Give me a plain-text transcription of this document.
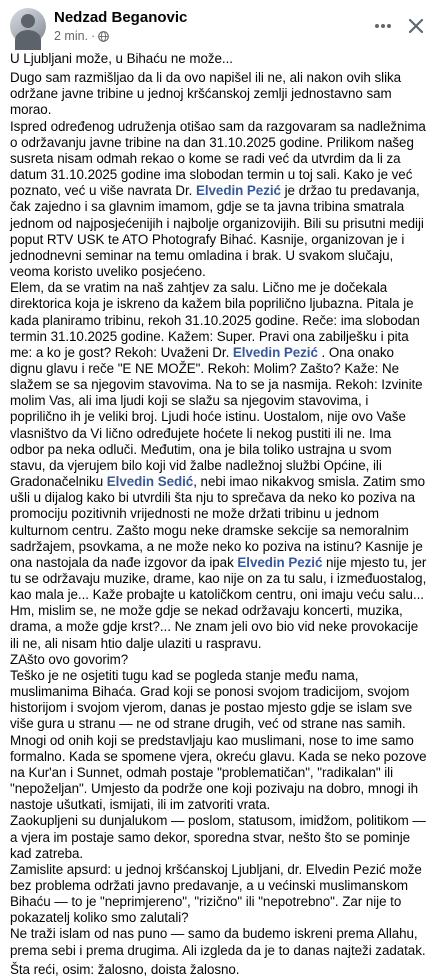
Nedzad Beganovic
2 min. ·

U Ljubljani može, u Bihaću ne može...

Dugo sam razmišljao da li da ovo napišel ili ne, ali nakon ovih slika održane javne tribine u jednoj kršćanskoj zemlji jednostavno sam morao.

Ispred određenog udruženja otišao sam da razgovaram sa nadležnima o održavanju javne tribine na dan 31.10.2025 godine. Prilikom našeg susreta nisam odmah rekao o kome se radi već da utvrdim da li za datum 31.10.2025 godine ima slobodan termin u toj sali. Kako je već poznato, već u više navrata Dr. Elvedin Pezić je držao tu predavanja, čak zajedno i sa glavnim imamom, gdje se ta javna tribina smatrala jednom od najposjećenijih i najbolje organizovijih. Bili su prisutni mediji poput RTV USK te ATO Photografy Bihać. Kasnije, organizovan je i jednodnevni seminar na temu omladina i brak. U svakom slučaju, veoma koristo uveliko posjećeno.

Elem, da se vratim na naš zahtjev za salu. Lično me je dočekala direktorica koja je iskreno da kažem bila poprilično ljubazna. Pitala je kada planiramo tribinu, rekoh 31.10.2025 godine. Reče: ima slobodan termin 31.10.2025 godine. Kažem: Super. Pravi ona zabilješku i pita me: a ko je gost? Rekoh: Uvaženi Dr. Elvedin Pezić . Ona onako dignu glavu i reče "E NE MOŽE". Rekoh: Molim? Zašto? Kaže: Ne slažem se sa njegovim stavovima. Na to se ja nasmija. Rekoh: Izvinite molim Vas, ali ima ljudi koji se slažu sa njegovim stavovima, i poprilično ih je veliki broj. Ljudi hoće istinu. Uostalom, nije ovo Vaše vlasništvo da Vi lično određujete hoćete li nekog pustiti ili ne. Ima odbor pa neka odluči. Međutim, ona je bila toliko ustrajna u svom stavu, da vjerujem bilo koji vid žalbe nadležnoj službi Općine, ili Gradonačelniku Elvedin Sedić, nebi imao nikakvog smisla. Zatim smo ušli u dijalog kako bi utvrdili šta nju to sprečava da neko ko poziva na promociju pozitivnih vrijednosti ne može držati tribinu u jednom kulturnom centru. Zašto mogu neke dramske sekcije sa nemoralnim sadržajem, psovkama, a ne može neko ko poziva na istinu? Kasnije je ona nastojala da nađe izgovor da ipak Elvedin Pezić nije mjesto tu, jer tu se održavaju muzike, drame, kao nije on za tu salu, i izmeđuostalog, kao mala je... Kaže probajte u katoličkom centru, oni imaju veću salu... Hm, mislim se, ne može gdje se nekad održavaju koncerti, muzika, drama, a može gdje krst?... Ne znam jeli ovo bio vid neke provokacije ili ne, ali nisam htio dalje ulaziti u raspravu.

ZAšto ovo govorim?

Teško je ne osjetiti tugu kad se pogleda stanje među nama, muslimanima Bihaća. Grad koji se ponosi svojom tradicijom, svojom historijom i svojom vjerom, danas je postao mjesto gdje se islam sve više gura u stranu — ne od strane drugih, već od strane nas samih.

Mnogi od onih koji se predstavljaju kao muslimani, nose to ime samo formalno. Kada se spomene vjera, okreću glavu. Kada se neko pozove na Kur'an i Sunnet, odmah postaje "problematičan", "radikalan" ili "nepoželjan". Umjesto da podrže one koji pozivaju na dobro, mnogi ih nastoje ušutkati, ismijati, ili im zatvoriti vrata.

Zaokupljeni su dunjalukom — poslom, statusom, imidžom, politikom — a vjera im postaje samo dekor, sporedna stvar, nešto što se pominje kad zatreba.

Zamislite apsurd: u jednoj kršćanskoj Ljubljani, dr. Elvedin Pezić može bez problema održati javno predavanje, a u većinski muslimanskom Bihaću — to je "neprimjereno", "rizično" ili "nepotrebno". Zar nije to pokazatelj koliko smo zalutali?

Ne traži islam od nas puno — samo da budemo iskreni prema Allahu, prema sebi i prema drugima. Ali izgleda da je to danas najteži zadatak.

Šta reći, osim: žalosno, doista žalosno.
